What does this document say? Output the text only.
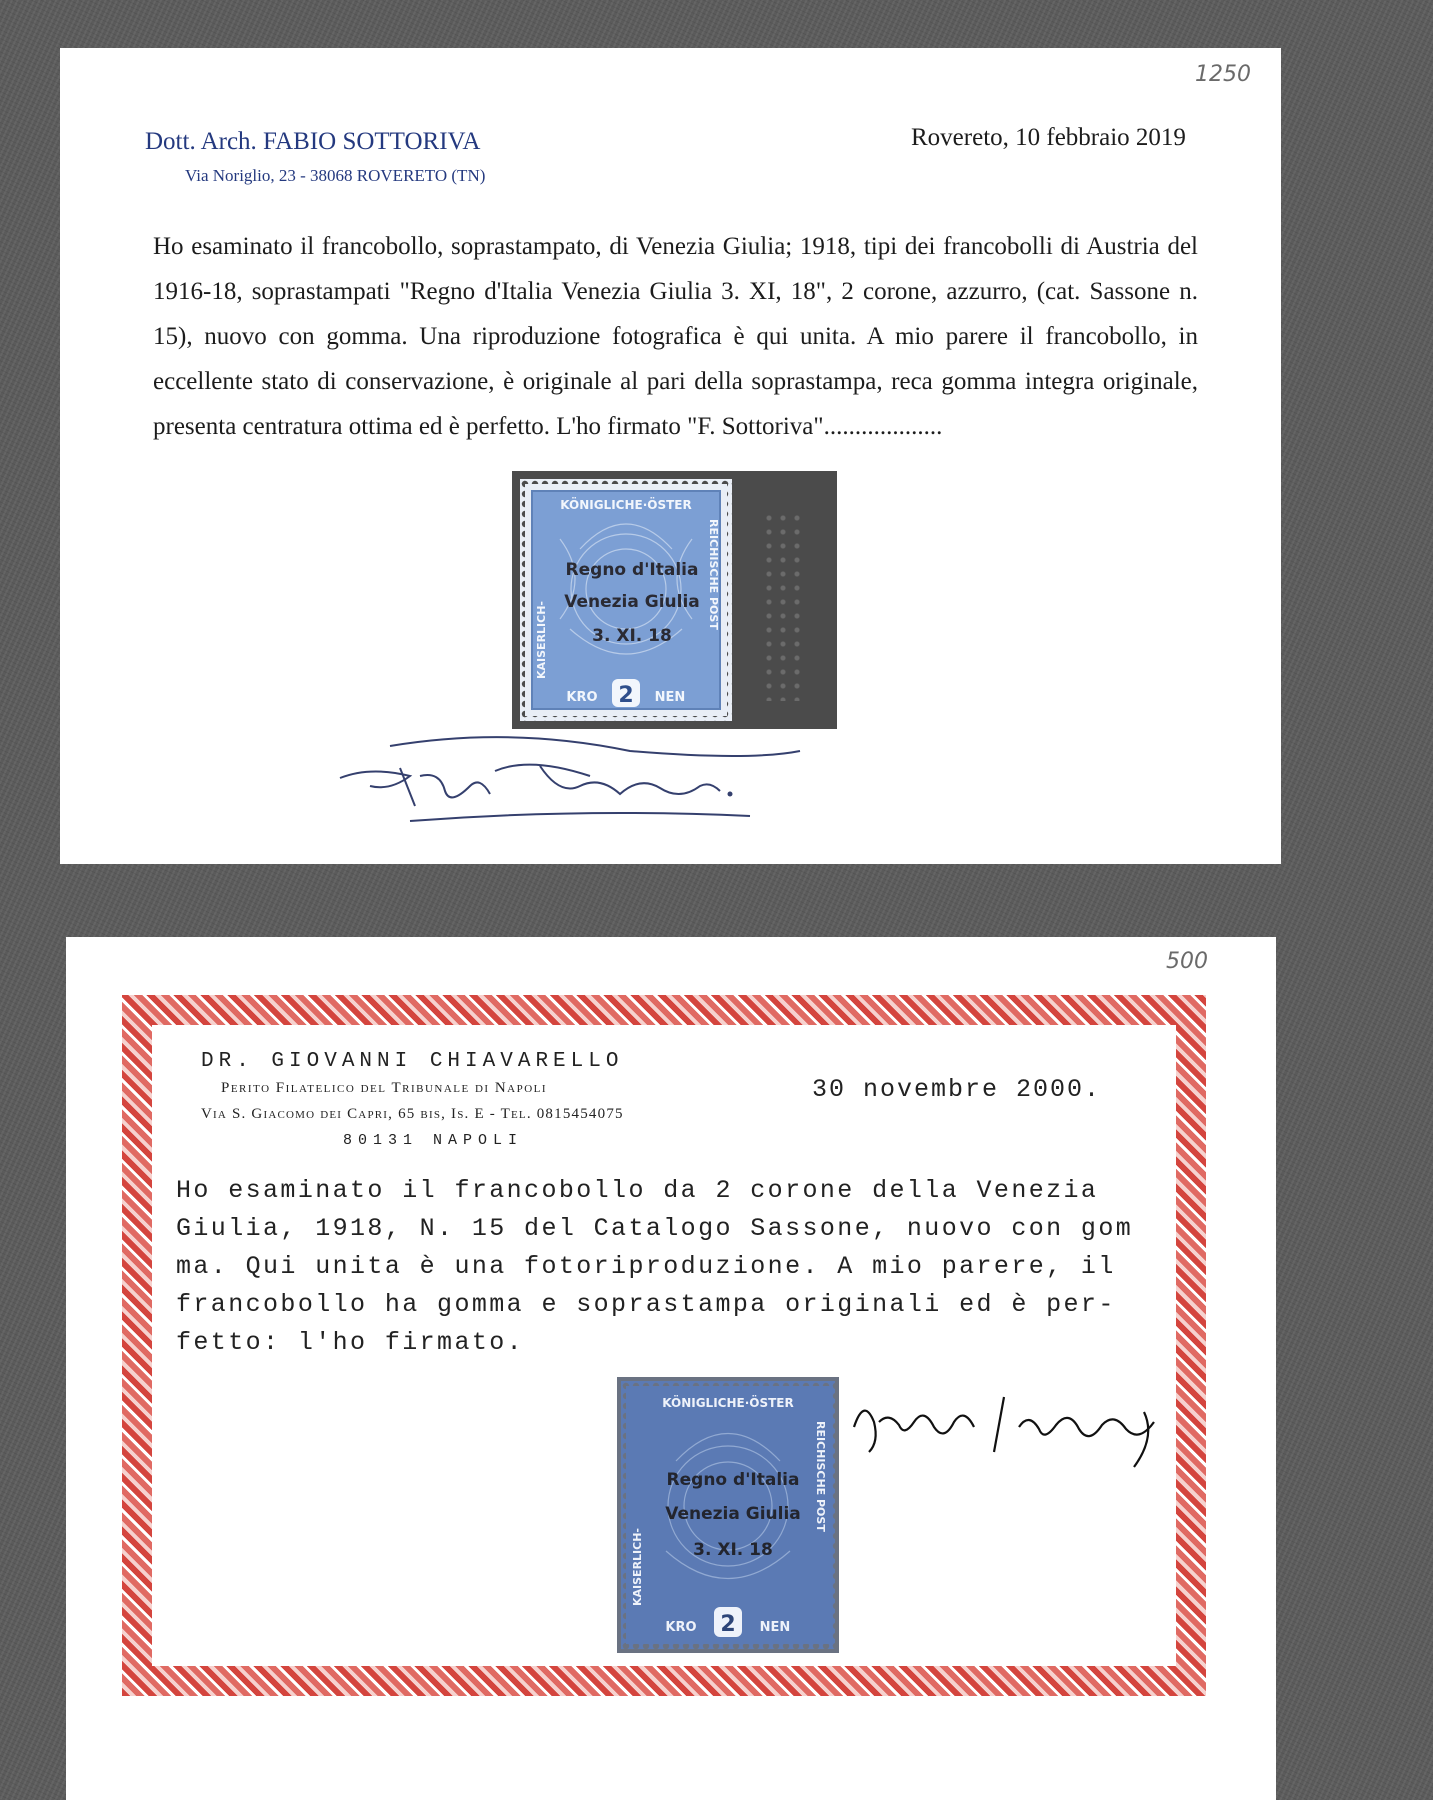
1250
Dott. Arch. FABIO SOTTORIVA
Via Noriglio, 23 - 38068 ROVERETO (TN)
Rovereto, 10 febbraio 2019

Ho esaminato il francobollo, soprastampato, di Venezia Giulia; 1918, tipi dei francobolli di Austria del 1916-18, soprastampati "Regno d'Italia Venezia Giulia 3. XI, 18", 2 corone, azzurro, (cat. Sassone n. 15), nuovo con gomma. Una riproduzione fotografica è qui unita. A mio parere il francobollo, in eccellente stato di conservazione, è originale al pari della soprastampa, reca gomma integra originale, presenta centratura ottima ed è perfetto. L'ho firmato "F. Sottoriva"...................

KÖNIGLICHE·ÖSTER
KAISERLICH-
REICHISCHE POST
Regno d'Italia
Venezia Giulia
3. XI. 18
KRO 2 NEN
500
DR. GIOVANNI CHIAVARELLO
Perito Filatelico del Tribunale di Napoli
Via S. Giacomo dei Capri, 65 bis, Is. E - Tel. 0815454075
80131 NAPOLI
30 novembre 2000.
Ho esaminato il francobollo da 2 corone della Venezia
Giulia, 1918, N. 15 del Catalogo Sassone, nuovo con gom
ma. Qui unita è una fotoriproduzione. A mio parere, il
francobollo ha gomma e soprastampa originali ed è per-
fetto: l'ho firmato.
KÖNIGLICHE·ÖSTER
KAISERLICH-
REICHISCHE POST
Regno d'Italia
Venezia Giulia
3. XI. 18
KRO 2 NEN
